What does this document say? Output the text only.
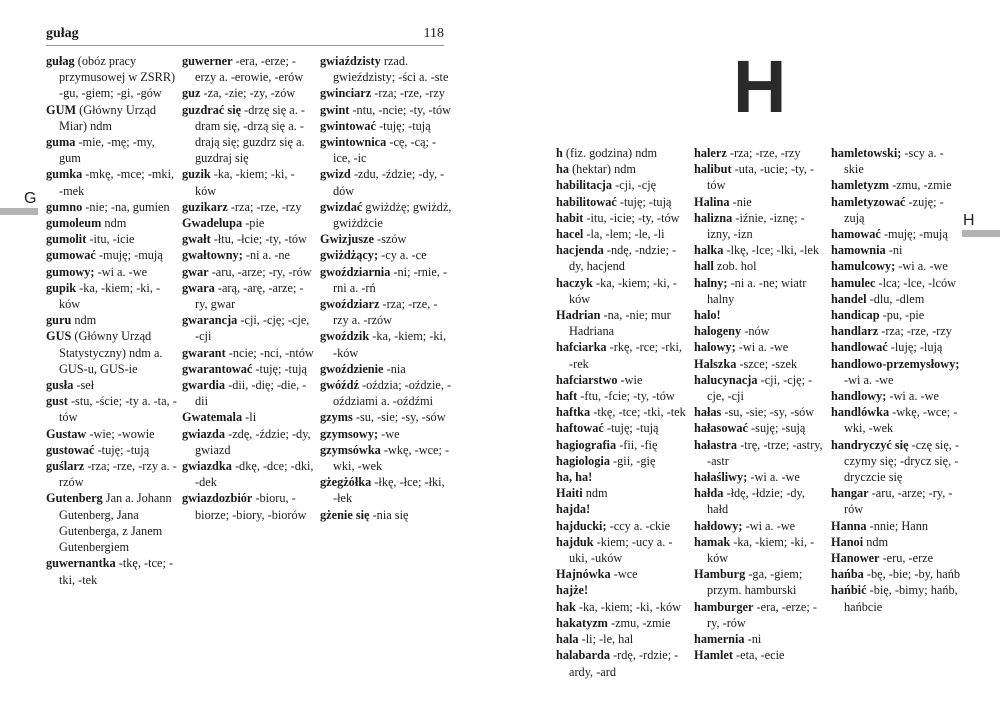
gułag	118
G
gułag (obóz pracy przymusowej w ZSRR) -gu, -giem; -gi, -gów
GUM (Główny Urząd Miar) ndm
guma -mie, -mę; -my, gum
gumka -mkę, -mce; -mki, -mek
gumno -nie; -na, gumien
gumoleum ndm
gumolit -itu, -icie
gumować -muję; -mują
gumowy; -wi a. -we
gupik -ka, -kiem; -ki, -ków
guru ndm
GUS (Główny Urząd Statystyczny) ndm a. GUS-u, GUS-ie
gusła -seł
gust -stu, -ście; -ty a. -ta, -tów
Gustaw -wie; -wowie
gustować -tuję; -tują
guślarz -rza; -rze, -rzy a. -rzów
Gutenberg Jan a. Johann Gutenberg, Jana Gutenberga, z Janem Gutenbergiem
guwernantka -tkę, -tce; -tki, -tek
guwerner -era, -erze; -erzy a. -erowie, -erów
guz -za, -zie; -zy, -zów
guzdrać się -drzę się a. -dram się, -drzą się a. -drają się; guzdrz się a. guzdraj się
guzik -ka, -kiem; -ki, -ków
guzikarz -rza; -rze, -rzy
Gwadelupa -pie
gwałt -łtu, -łcie; -ty, -tów
gwałtowny; -ni a. -ne
gwar -aru, -arze; -ry, -rów
gwara -arą, -arę, -arze; -ry, gwar
gwarancja -cji, -cję; -cje, -cji
gwarant -ncie; -nci, -ntów
gwarantować -tuję; -tują
gwardia -dii, -dię; -die, -dii
Gwatemala -li
gwiazda -zdę, -ździe; -dy, gwiazd
gwiazdka -dkę, -dce; -dki, -dek
gwiazdozbiór -bioru, -biorze; -biory, -biorów
gwiaździsty rzad. gwieździsty; -ści a. -ste
gwinciarz -rza; -rze, -rzy
gwint -ntu, -ncie; -ty, -tów
gwintować -tuję; -tują
gwintownica -cę, -cą; -ice, -ic
gwizd -zdu, -ździe; -dy, -dów
gwizdać gwiżdżę; gwiżdż, gwiżdżcie
Gwizjusze -szów
gwiżdżący; -cy a. -ce
gwoździarnia -ni; -rnie, -rni a. -rń
gwoździarz -rza; -rze, -rzy a. -rzów
gwoździk -ka, -kiem; -ki, -ków
gwoździenie -nia
gwóźdź -oździa; -oździe, -oździami a. -oźdźmi
gzyms -su, -sie; -sy, -sów
gzymsowy; -we
gzymsówka -wkę, -wce; -wki, -wek
gżegżółka -łkę, -łce; -łki, -łek
gżenie się -nia się
H
H
h (fiz. godzina) ndm
ha (hektar) ndm
habilitacja -cji, -cję
habilitować -tuję; -tują
habit -itu, -icie; -ty, -tów
hacel -la, -lem; -le, -li
hacjenda -ndę, -ndzie; -dy, hacjend
haczyk -ka, -kiem; -ki, -ków
Hadrian -na, -nie; mur Hadriana
hafciarka -rkę, -rce; -rki, -rek
hafciarstwo -wie
haft -ftu, -fcie; -ty, -tów
haftka -tkę, -tce; -tki, -tek
haftować -tuję; -tują
hagiografia -fii, -fię
hagiologia -gii, -gię
ha, ha!
Haiti ndm
hajda!
hajducki; -ccy a. -ckie
hajduk -kiem; -ucy a. -uki, -uków
Hajnówka -wce
hajże!
hak -ka, -kiem; -ki, -ków
hakatyzm -zmu, -zmie
hala -li; -le, hal
halabarda -rdę, -rdzie; -ardy, -ard
halerz -rza; -rze, -rzy
halibut -uta, -ucie; -ty, -tów
Halina -nie
halizna -iźnie, -iznę; -izny, -izn
halka -lkę, -lce; -lki, -lek
hall zob. hol
halny; -ni a. -ne; wiatr halny
halo!
halogeny -nów
halowy; -wi a. -we
Halszka -szce; -szek
halucynacja -cji, -cję; -cje, -cji
hałas -su, -sie; -sy, -sów
hałasować -suję; -sują
hałastra -trę, -trze; -astry, -astr
hałaśliwy; -wi a. -we
hałda -łdę, -łdzie; -dy, hałd
hałdowy; -wi a. -we
hamak -ka, -kiem; -ki, -ków
Hamburg -ga, -giem; przym. hamburski
hamburger -era, -erze; -ry, -rów
hamernia -ni
Hamlet -eta, -ecie
hamletowski; -scy a. -skie
hamletyzm -zmu, -zmie
hamletyzować -zuję; -zują
hamować -muję; -mują
hamownia -ni
hamulcowy; -wi a. -we
hamulec -lca; -lce, -lców
handel -dlu, -dlem
handicap -pu, -pie
handlarz -rza; -rze, -rzy
handlować -luję; -lują
handlowo-przemysłowy; -wi a. -we
handlowy; -wi a. -we
handlówka -wkę, -wce; -wki, -wek
handryczyć się -czę się, -czymy się; -drycz się, -dryczcie się
hangar -aru, -arze; -ry, -rów
Hanna -nnie; Hann
Hanoi ndm
Hanower -eru, -erze
hańba -bę, -bie; -by, hańb
hańbić -bię, -bimy; hańb, hańbcie
